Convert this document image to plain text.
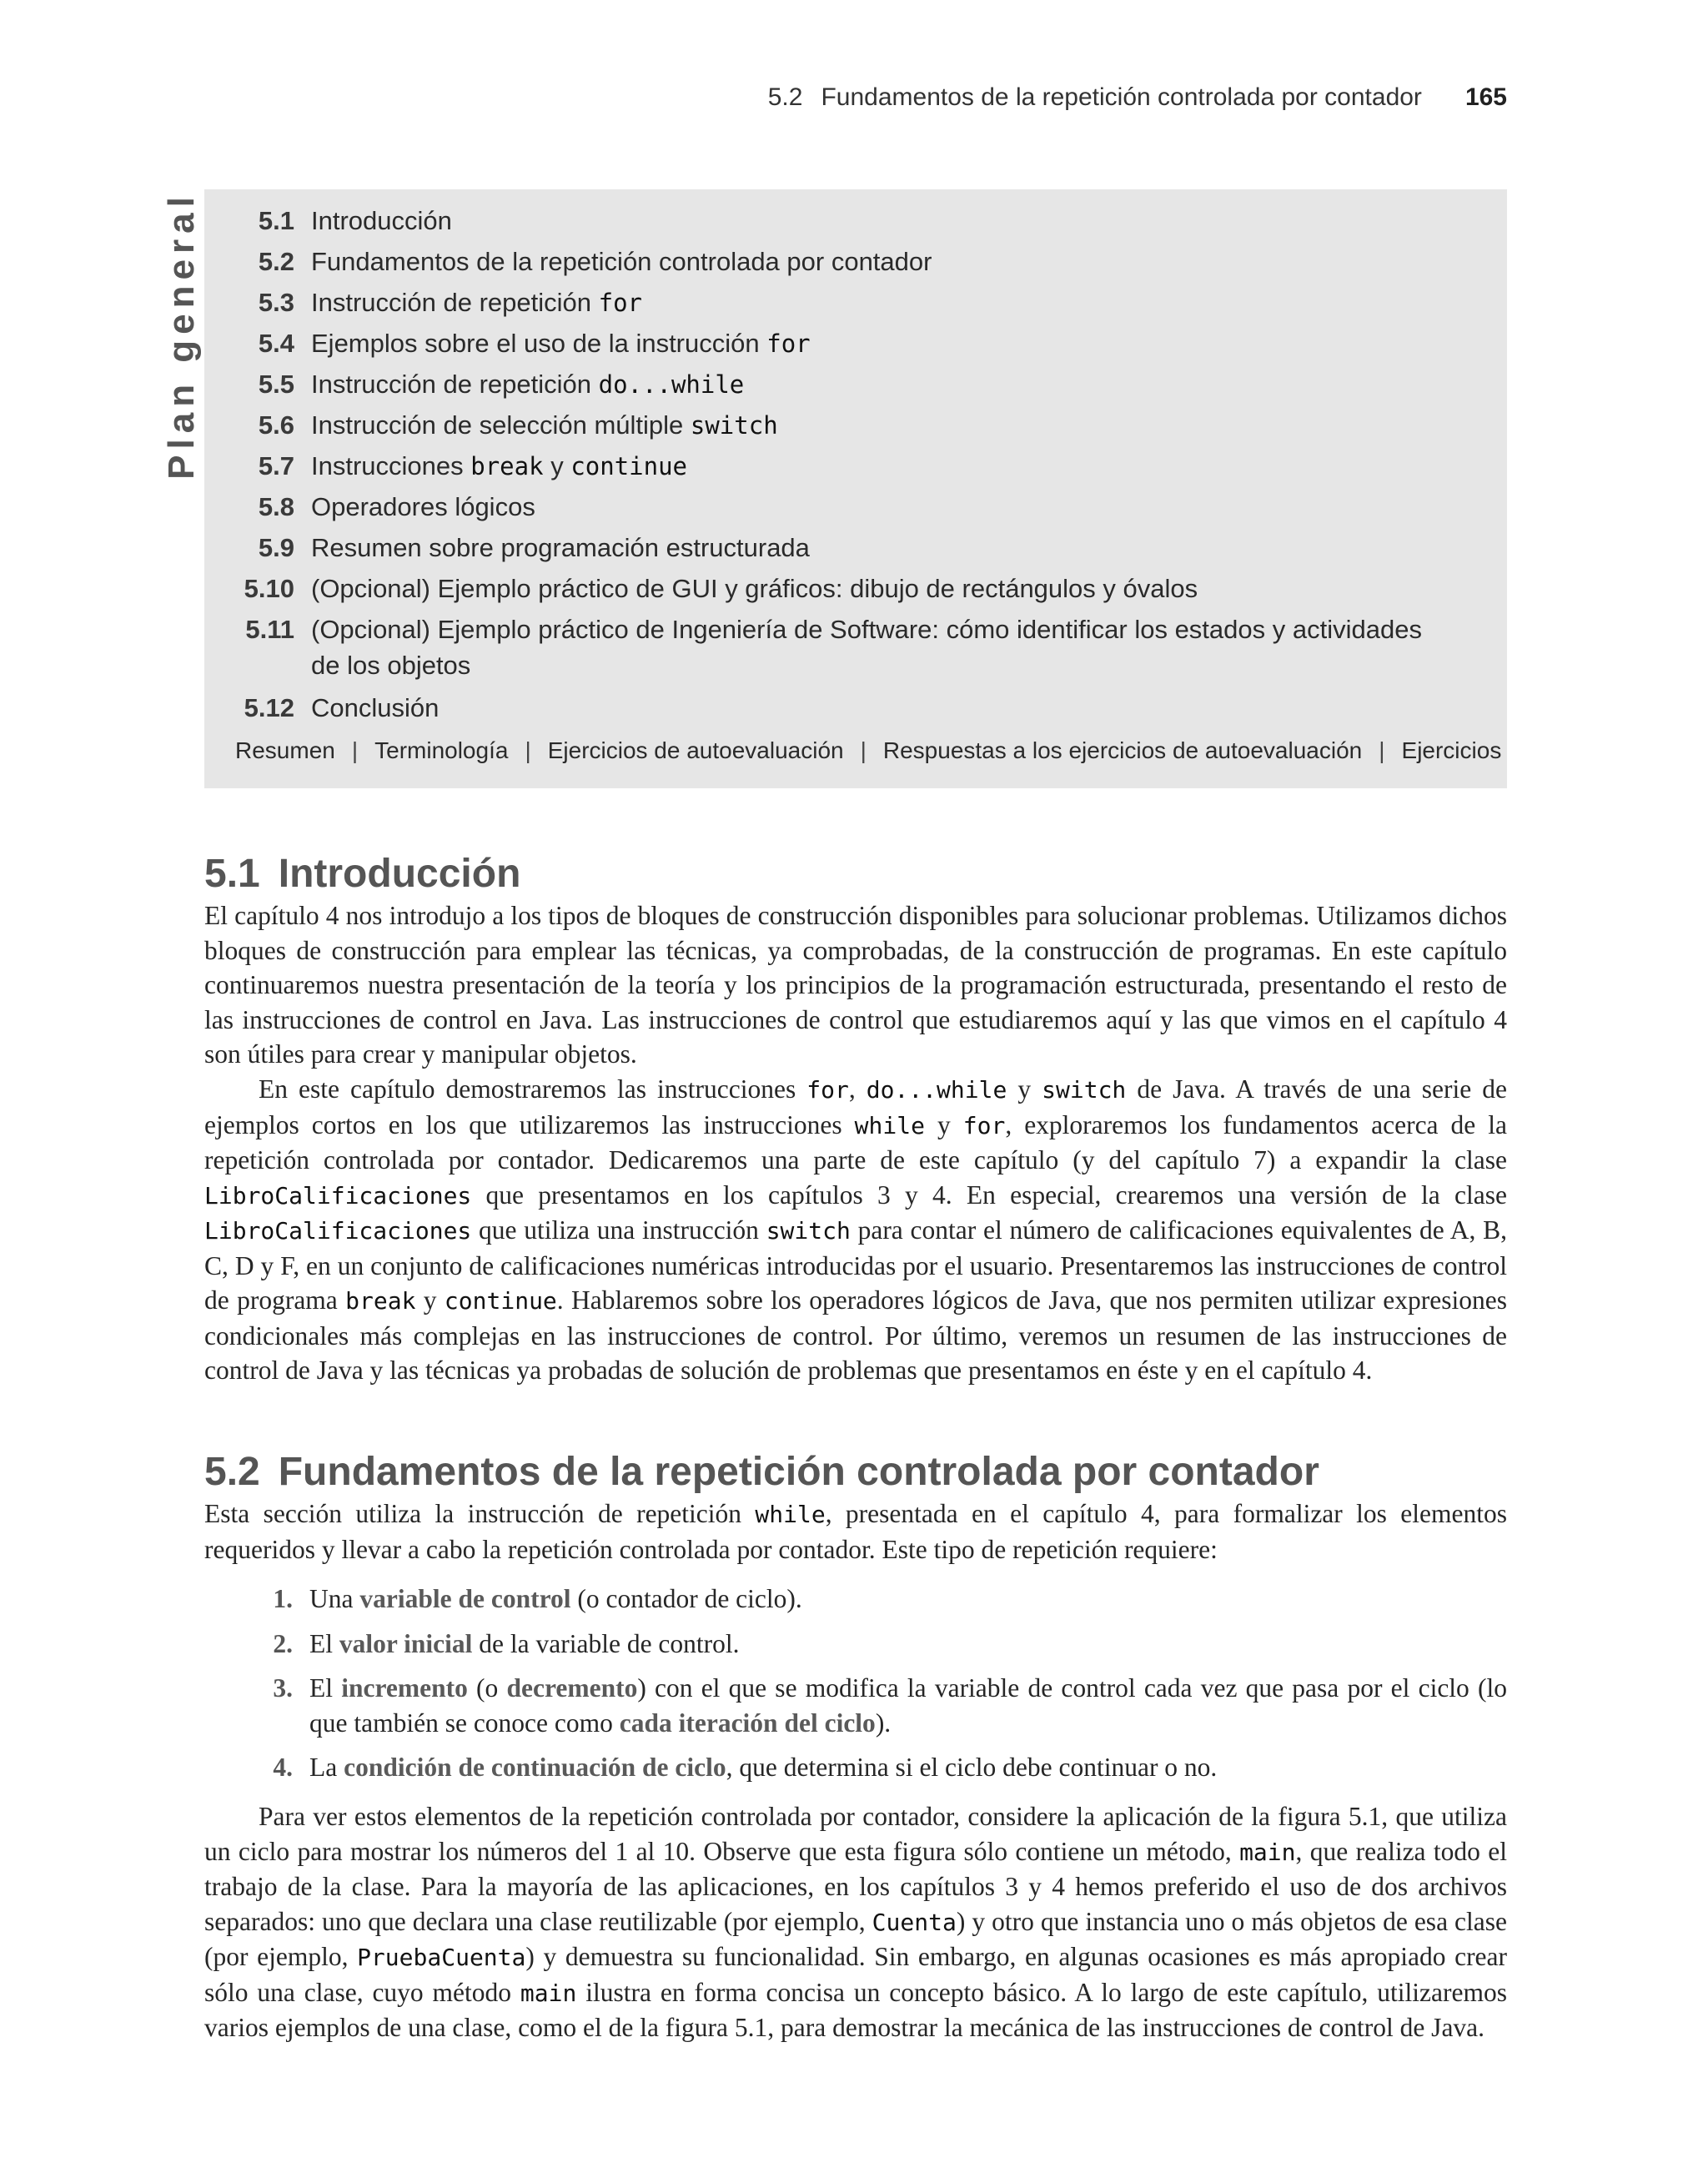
5.2 Fundamentos de la repetición controlada por contador 165
Plan general	5.1 Introducción
5.2 Fundamentos de la repetición controlada por contador
5.3 Instrucción de repetición for
5.4 Ejemplos sobre el uso de la instrucción for
5.5 Instrucción de repetición do...while
5.6 Instrucción de selección múltiple switch
5.7 Instrucciones break y continue
5.8 Operadores lógicos
5.9 Resumen sobre programación estructurada
5.10 (Opcional) Ejemplo práctico de GUI y gráficos: dibujo de rectángulos y óvalos
5.11 (Opcional) Ejemplo práctico de Ingeniería de Software: cómo identificar los estados y actividades de los objetos
5.12 Conclusión
Resumen | Terminología | Ejercicios de autoevaluación | Respuestas a los ejercicios de autoevaluación | Ejercicios
5.1 Introducción

El capítulo 4 nos introdujo a los tipos de bloques de construcción disponibles para solucionar problemas. Utilizamos dichos bloques de construcción para emplear las técnicas, ya comprobadas, de la construcción de programas. En este capítulo continuaremos nuestra presentación de la teoría y los principios de la programación estructurada, presentando el resto de las instrucciones de control en Java. Las instrucciones de control que estudiaremos aquí y las que vimos en el capítulo 4 son útiles para crear y manipular objetos.

En este capítulo demostraremos las instrucciones for, do...while y switch de Java. A través de una serie de ejemplos cortos en los que utilizaremos las instrucciones while y for, exploraremos los fundamentos acerca de la repetición controlada por contador. Dedicaremos una parte de este capítulo (y del capítulo 7) a expandir la clase LibroCalificaciones que presentamos en los capítulos 3 y 4. En especial, crearemos una versión de la clase LibroCalificaciones que utiliza una instrucción switch para contar el número de calificaciones equivalentes de A, B, C, D y F, en un conjunto de calificaciones numéricas introducidas por el usuario. Presentaremos las instrucciones de control de programa break y continue. Hablaremos sobre los operadores lógicos de Java, que nos permiten utilizar expresiones condicionales más complejas en las instrucciones de control. Por último, veremos un resumen de las instrucciones de control de Java y las técnicas ya probadas de solución de problemas que presentamos en éste y en el capítulo 4.

5.2 Fundamentos de la repetición controlada por contador

Esta sección utiliza la instrucción de repetición while, presentada en el capítulo 4, para formalizar los elementos requeridos y llevar a cabo la repetición controlada por contador. Este tipo de repetición requiere:

1. Una variable de control (o contador de ciclo).
2. El valor inicial de la variable de control.
3. El incremento (o decremento) con el que se modifica la variable de control cada vez que pasa por el ciclo (lo que también se conoce como cada iteración del ciclo).
4. La condición de continuación de ciclo, que determina si el ciclo debe continuar o no.

Para ver estos elementos de la repetición controlada por contador, considere la aplicación de la figura 5.1, que utiliza un ciclo para mostrar los números del 1 al 10. Observe que esta figura sólo contiene un método, main, que realiza todo el trabajo de la clase. Para la mayoría de las aplicaciones, en los capítulos 3 y 4 hemos preferido el uso de dos archivos separados: uno que declara una clase reutilizable (por ejemplo, Cuenta) y otro que instancia uno o más objetos de esa clase (por ejemplo, PruebaCuenta) y demuestra su funcionalidad. Sin embargo, en algunas ocasiones es más apropiado crear sólo una clase, cuyo método main ilustra en forma concisa un concepto básico. A lo largo de este capítulo, utilizaremos varios ejemplos de una clase, como el de la figura 5.1, para demostrar la mecánica de las instrucciones de control de Java.
